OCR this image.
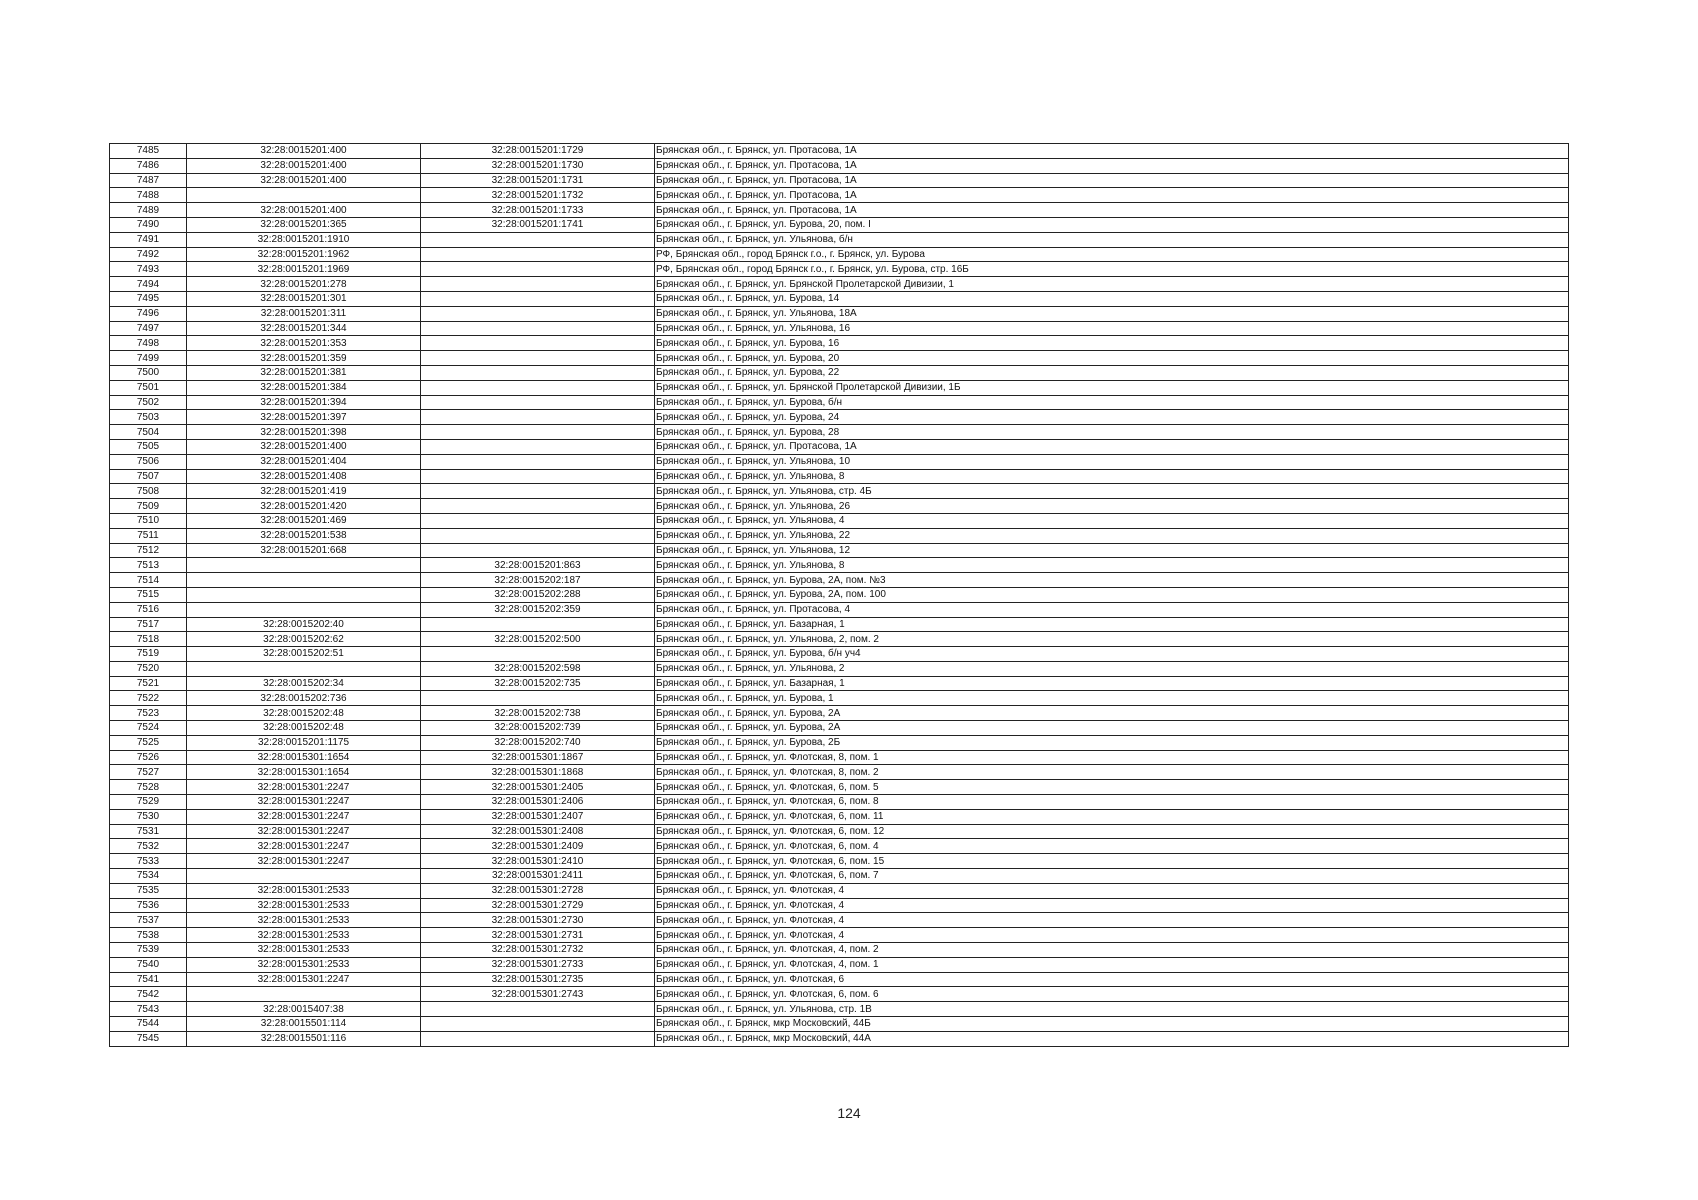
7485	32:28:0015201:400	32:28:0015201:1729	Брянская обл., г. Брянск, ул. Протасова, 1А
7486	32:28:0015201:400	32:28:0015201:1730	Брянская обл., г. Брянск, ул. Протасова, 1А
7487	32:28:0015201:400	32:28:0015201:1731	Брянская обл., г. Брянск, ул. Протасова, 1А
7488		32:28:0015201:1732	Брянская обл., г. Брянск, ул. Протасова, 1А
7489	32:28:0015201:400	32:28:0015201:1733	Брянская обл., г. Брянск, ул. Протасова, 1А
7490	32:28:0015201:365	32:28:0015201:1741	Брянская обл., г. Брянск, ул. Бурова, 20, пом. I
7491	32:28:0015201:1910		Брянская обл., г. Брянск, ул. Ульянова, б/н
7492	32:28:0015201:1962		РФ, Брянская обл., город Брянск г.о., г. Брянск, ул. Бурова
7493	32:28:0015201:1969		РФ, Брянская обл., город Брянск г.о., г. Брянск, ул. Бурова, стр. 16Б
7494	32:28:0015201:278		Брянская обл., г. Брянск, ул. Брянской Пролетарской Дивизии, 1
7495	32:28:0015201:301		Брянская обл., г. Брянск, ул. Бурова, 14
7496	32:28:0015201:311		Брянская обл., г. Брянск, ул. Ульянова, 18А
7497	32:28:0015201:344		Брянская обл., г. Брянск, ул. Ульянова, 16
7498	32:28:0015201:353		Брянская обл., г. Брянск, ул. Бурова, 16
7499	32:28:0015201:359		Брянская обл., г. Брянск, ул. Бурова, 20
7500	32:28:0015201:381		Брянская обл., г. Брянск, ул. Бурова, 22
7501	32:28:0015201:384		Брянская обл., г. Брянск, ул. Брянской Пролетарской Дивизии, 1Б
7502	32:28:0015201:394		Брянская обл., г. Брянск, ул. Бурова, б/н
7503	32:28:0015201:397		Брянская обл., г. Брянск, ул. Бурова, 24
7504	32:28:0015201:398		Брянская обл., г. Брянск, ул. Бурова, 28
7505	32:28:0015201:400		Брянская обл., г. Брянск, ул. Протасова, 1А
7506	32:28:0015201:404		Брянская обл., г. Брянск, ул. Ульянова, 10
7507	32:28:0015201:408		Брянская обл., г. Брянск, ул. Ульянова, 8
7508	32:28:0015201:419		Брянская обл., г. Брянск, ул. Ульянова, стр. 4Б
7509	32:28:0015201:420		Брянская обл., г. Брянск, ул. Ульянова, 26
7510	32:28:0015201:469		Брянская обл., г. Брянск, ул. Ульянова, 4
7511	32:28:0015201:538		Брянская обл., г. Брянск, ул. Ульянова, 22
7512	32:28:0015201:668		Брянская обл., г. Брянск, ул. Ульянова, 12
7513		32:28:0015201:863	Брянская обл., г. Брянск, ул. Ульянова, 8
7514		32:28:0015202:187	Брянская обл., г. Брянск, ул. Бурова, 2А, пом. №3
7515		32:28:0015202:288	Брянская обл., г. Брянск, ул. Бурова, 2А, пом. 100
7516		32:28:0015202:359	Брянская обл., г. Брянск, ул. Протасова, 4
7517	32:28:0015202:40		Брянская обл., г. Брянск, ул. Базарная, 1
7518	32:28:0015202:62	32:28:0015202:500	Брянская обл., г. Брянск, ул. Ульянова, 2, пом. 2
7519	32:28:0015202:51		Брянская обл., г. Брянск, ул. Бурова, б/н уч4
7520		32:28:0015202:598	Брянская обл., г. Брянск, ул. Ульянова, 2
7521	32:28:0015202:34	32:28:0015202:735	Брянская обл., г. Брянск, ул. Базарная, 1
7522	32:28:0015202:736		Брянская обл., г. Брянск, ул. Бурова, 1
7523	32:28:0015202:48	32:28:0015202:738	Брянская обл., г. Брянск, ул. Бурова, 2А
7524	32:28:0015202:48	32:28:0015202:739	Брянская обл., г. Брянск, ул. Бурова, 2А
7525	32:28:0015201:1175	32:28:0015202:740	Брянская обл., г. Брянск, ул. Бурова, 2Б
7526	32:28:0015301:1654	32:28:0015301:1867	Брянская обл., г. Брянск, ул. Флотская, 8, пом. 1
7527	32:28:0015301:1654	32:28:0015301:1868	Брянская обл., г. Брянск, ул. Флотская, 8, пом. 2
7528	32:28:0015301:2247	32:28:0015301:2405	Брянская обл., г. Брянск, ул. Флотская, 6, пом. 5
7529	32:28:0015301:2247	32:28:0015301:2406	Брянская обл., г. Брянск, ул. Флотская, 6, пом. 8
7530	32:28:0015301:2247	32:28:0015301:2407	Брянская обл., г. Брянск, ул. Флотская, 6, пом. 11
7531	32:28:0015301:2247	32:28:0015301:2408	Брянская обл., г. Брянск, ул. Флотская, 6, пом. 12
7532	32:28:0015301:2247	32:28:0015301:2409	Брянская обл., г. Брянск, ул. Флотская, 6, пом. 4
7533	32:28:0015301:2247	32:28:0015301:2410	Брянская обл., г. Брянск, ул. Флотская, 6, пом. 15
7534		32:28:0015301:2411	Брянская обл., г. Брянск, ул. Флотская, 6, пом. 7
7535	32:28:0015301:2533	32:28:0015301:2728	Брянская обл., г. Брянск, ул. Флотская, 4
7536	32:28:0015301:2533	32:28:0015301:2729	Брянская обл., г. Брянск, ул. Флотская, 4
7537	32:28:0015301:2533	32:28:0015301:2730	Брянская обл., г. Брянск, ул. Флотская, 4
7538	32:28:0015301:2533	32:28:0015301:2731	Брянская обл., г. Брянск, ул. Флотская, 4
7539	32:28:0015301:2533	32:28:0015301:2732	Брянская обл., г. Брянск, ул. Флотская, 4, пом. 2
7540	32:28:0015301:2533	32:28:0015301:2733	Брянская обл., г. Брянск, ул. Флотская, 4, пом. 1
7541	32:28:0015301:2247	32:28:0015301:2735	Брянская обл., г. Брянск, ул. Флотская, 6
7542		32:28:0015301:2743	Брянская обл., г. Брянск, ул. Флотская, 6, пом. 6
7543	32:28:0015407:38		Брянская обл., г. Брянск, ул. Ульянова, стр. 1В
7544	32:28:0015501:114		Брянская обл., г. Брянск, мкр Московский, 44Б
7545	32:28:0015501:116		Брянская обл., г. Брянск, мкр Московский, 44А
124
